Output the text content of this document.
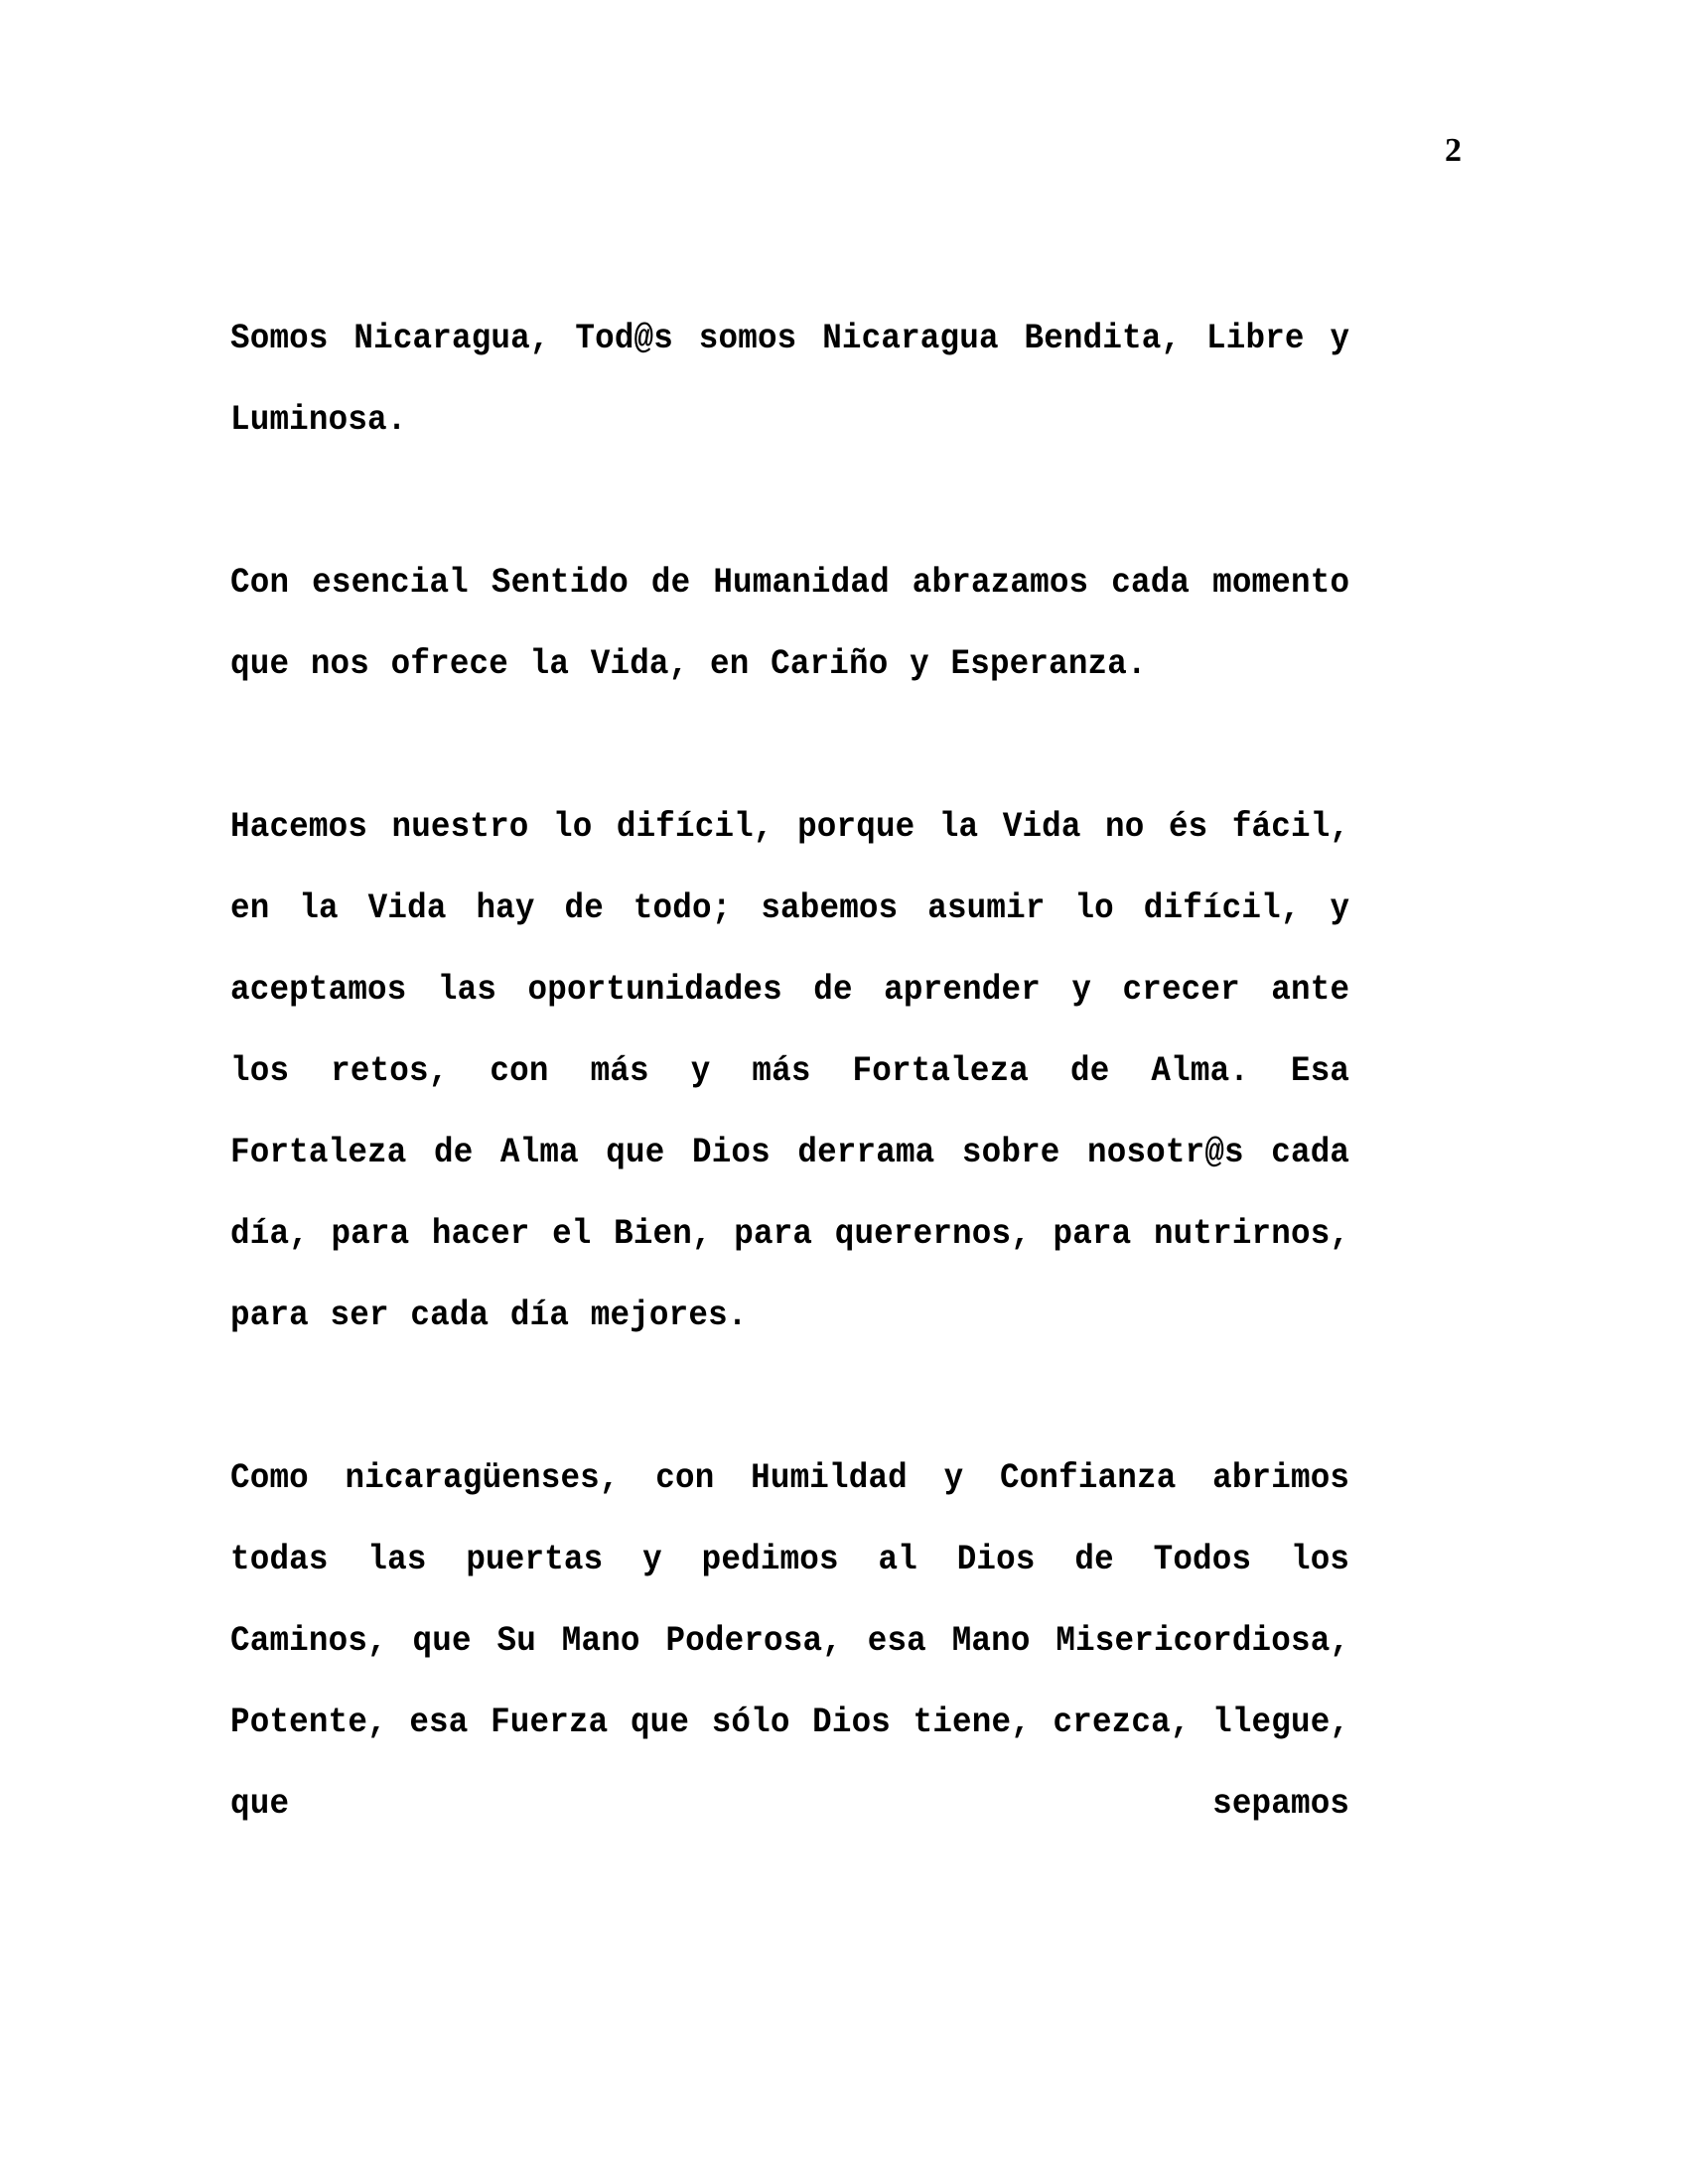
2

Somos Nicaragua, Tod@s somos Nicaragua Bendita, Libre y Luminosa.

Con esencial Sentido de Humanidad abrazamos cada momento que nos ofrece la Vida, en Cariño y Esperanza.

Hacemos nuestro lo difícil, porque la Vida no és fácil, en la Vida hay de todo; sabemos asumir lo difícil, y aceptamos las oportunidades de aprender y crecer ante los retos, con más y más Fortaleza de Alma. Esa Fortaleza de Alma que Dios derrama sobre nosotr@s cada día, para hacer el Bien, para querernos, para nutrirnos, para ser cada día mejores.

Como nicaragüenses, con Humildad y Confianza abrimos todas las puertas y pedimos al Dios de Todos los Caminos, que Su Mano Poderosa, esa Mano Misericordiosa, Potente, esa Fuerza que sólo Dios tiene, crezca, llegue, que sepamos
